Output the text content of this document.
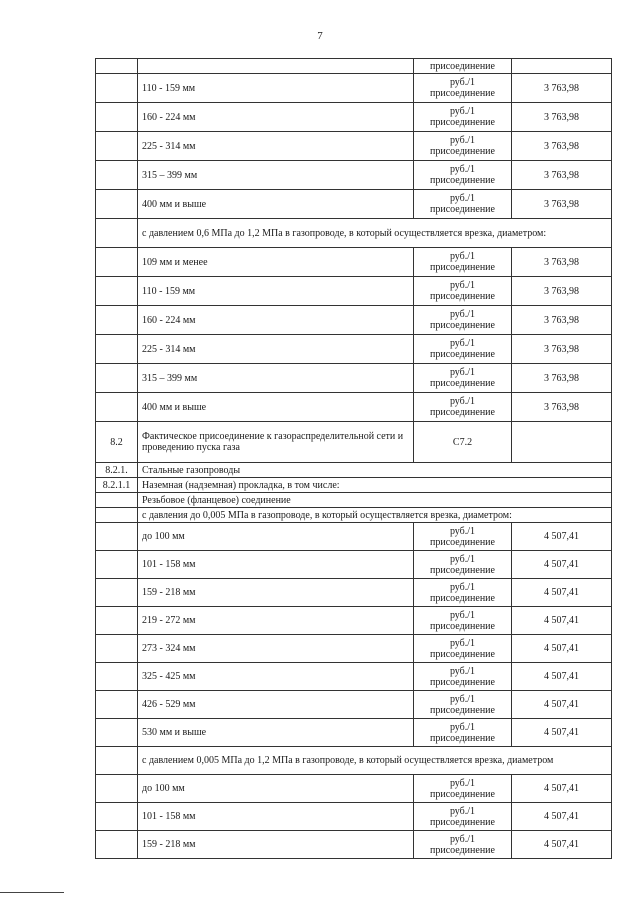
7
		присоединение	
	110 - 159 мм	руб./1 присоединение	3 763,98
	160 - 224 мм	руб./1 присоединение	3 763,98
	225 - 314 мм	руб./1 присоединение	3 763,98
	315 – 399 мм	руб./1 присоединение	3 763,98
	400 мм и выше	руб./1 присоединение	3 763,98
	с давлением 0,6 МПа до 1,2 МПа в газопроводе, в который осуществляется врезка, диаметром:		
	109 мм и менее	руб./1 присоединение	3 763,98
	110 - 159 мм	руб./1 присоединение	3 763,98
	160 - 224 мм	руб./1 присоединение	3 763,98
	225 - 314 мм	руб./1 присоединение	3 763,98
	315 – 399 мм	руб./1 присоединение	3 763,98
	400 мм и выше	руб./1 присоединение	3 763,98
8.2	Фактическое присоединение к газораспределительной сети и проведению пуска газа	С7.2	
8.2.1.	Стальные газопроводы		
8.2.1.1	Наземная (надземная) прокладка, в том числе:		
	Резьбовое (фланцевое) соединение		
	с давления до 0,005 МПа в газопроводе, в который осуществляется врезка, диаметром:		
	до 100 мм	руб./1 присоединение	4 507,41
	101 - 158 мм	руб./1 присоединение	4 507,41
	159 - 218 мм	руб./1 присоединение	4 507,41
	219 - 272 мм	руб./1 присоединение	4 507,41
	273 - 324 мм	руб./1 присоединение	4 507,41
	325 - 425 мм	руб./1 присоединение	4 507,41
	426 - 529 мм	руб./1 присоединение	4 507,41
	530 мм и выше	руб./1 присоединение	4 507,41
	с давлением 0,005 МПа до 1,2 МПа в газопроводе, в который осуществляется врезка, диаметром		
	до 100 мм	руб./1 присоединение	4 507,41
	101 - 158 мм	руб./1 присоединение	4 507,41
	159 - 218 мм	руб./1 присоединение	4 507,41
